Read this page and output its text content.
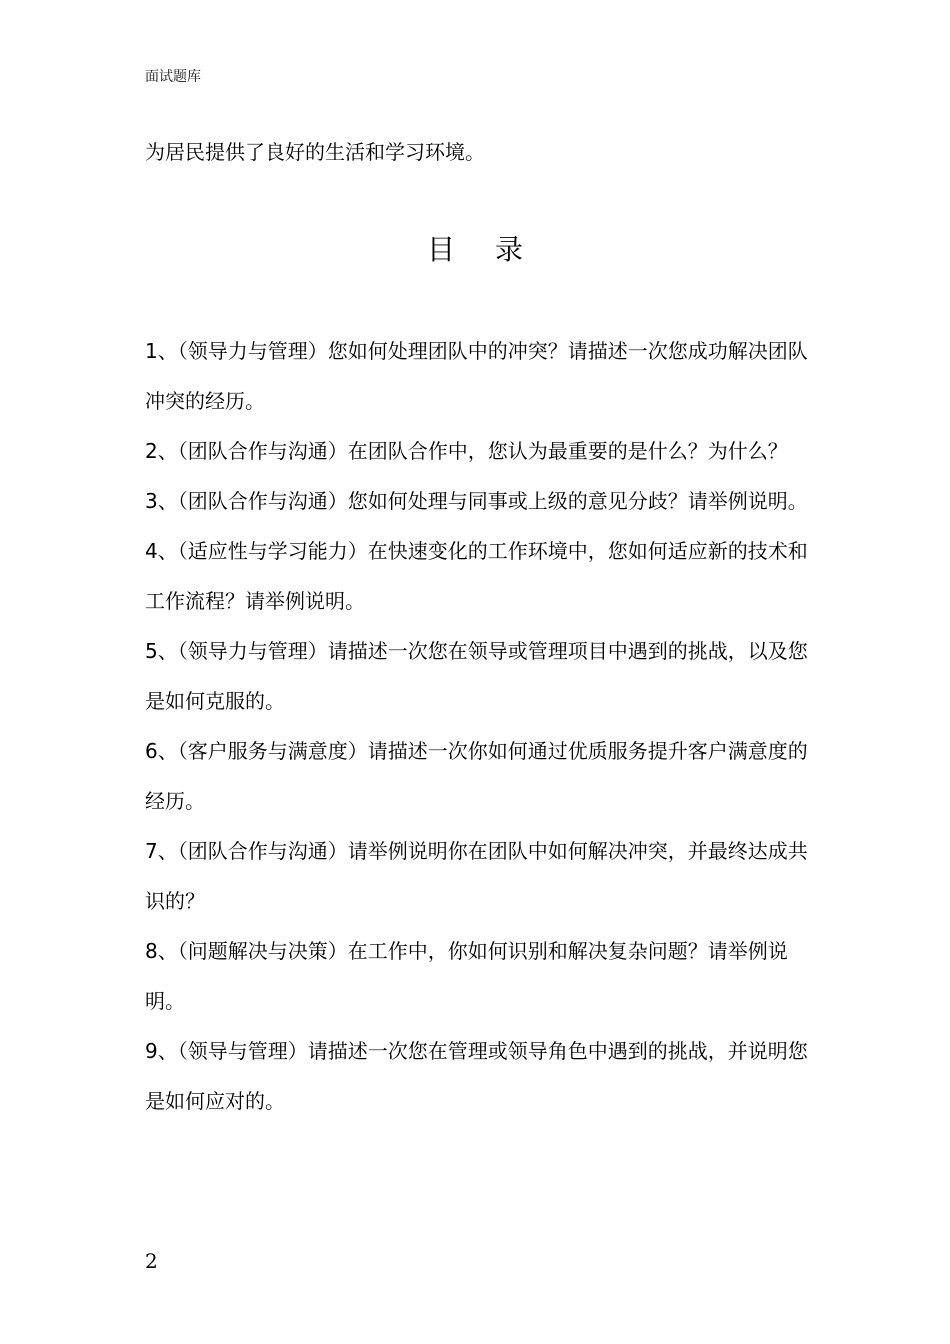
面试题库
为居民提供了良好的生活和学习环境。
目录
1、（领导力与管理）您如何处理团队中的冲突？请描述一次您成功解决团队冲突的经历。
2、（团队合作与沟通）在团队合作中，您认为最重要的是什么？为什么？
3、（团队合作与沟通）您如何处理与同事或上级的意见分歧？请举例说明。
4、（适应性与学习能力）在快速变化的工作环境中，您如何适应新的技术和工作流程？请举例说明。
5、（领导力与管理）请描述一次您在领导或管理项目中遇到的挑战，以及您是如何克服的。
6、（客户服务与满意度）请描述一次你如何通过优质服务提升客户满意度的经历。
7、（团队合作与沟通）请举例说明你在团队中如何解决冲突，并最终达成共识的？
8、（问题解决与决策）在工作中，你如何识别和解决复杂问题？请举例说明。
9、（领导与管理）请描述一次您在管理或领导角色中遇到的挑战，并说明您是如何应对的。
2
